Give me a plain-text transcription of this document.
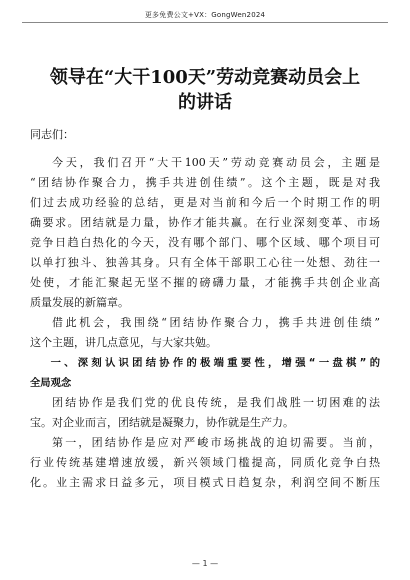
更多免费公文+VX：GongWen2024
领导在“大干100天”劳动竞赛动员会上
的讲话
同志们：
今天，我们召开“大干100天”劳动竞赛动员会，主题是
“团结协作聚合力，携手共进创佳绩”。这个主题，既是对我
们过去成功经验的总结，更是对当前和今后一个时期工作的明
确要求。团结就是力量，协作才能共赢。在行业深刻变革、市场
竞争日趋白热化的今天，没有哪个部门、哪个区域、哪个项目可
以单打独斗、独善其身。只有全体干部职工心往一处想、劲往一
处使，才能汇聚起无坚不摧的磅礴力量，才能携手共创企业高
质量发展的新篇章。
借此机会，我围绕“团结协作聚合力，携手共进创佳绩”
这个主题，讲几点意见，与大家共勉。
一、深刻认识团结协作的极端重要性，增强“一盘棋”的
全局观念
团结协作是我们党的优良传统，是我们战胜一切困难的法
宝。对企业而言，团结就是凝聚力，协作就是生产力。
第一，团结协作是应对严峻市场挑战的迫切需要。当前，
行业传统基建增速放缓，新兴领域门槛提高，同质化竞争白热
化。业主需求日益多元，项目模式日趋复杂，利润空间不断压
— 1 —
